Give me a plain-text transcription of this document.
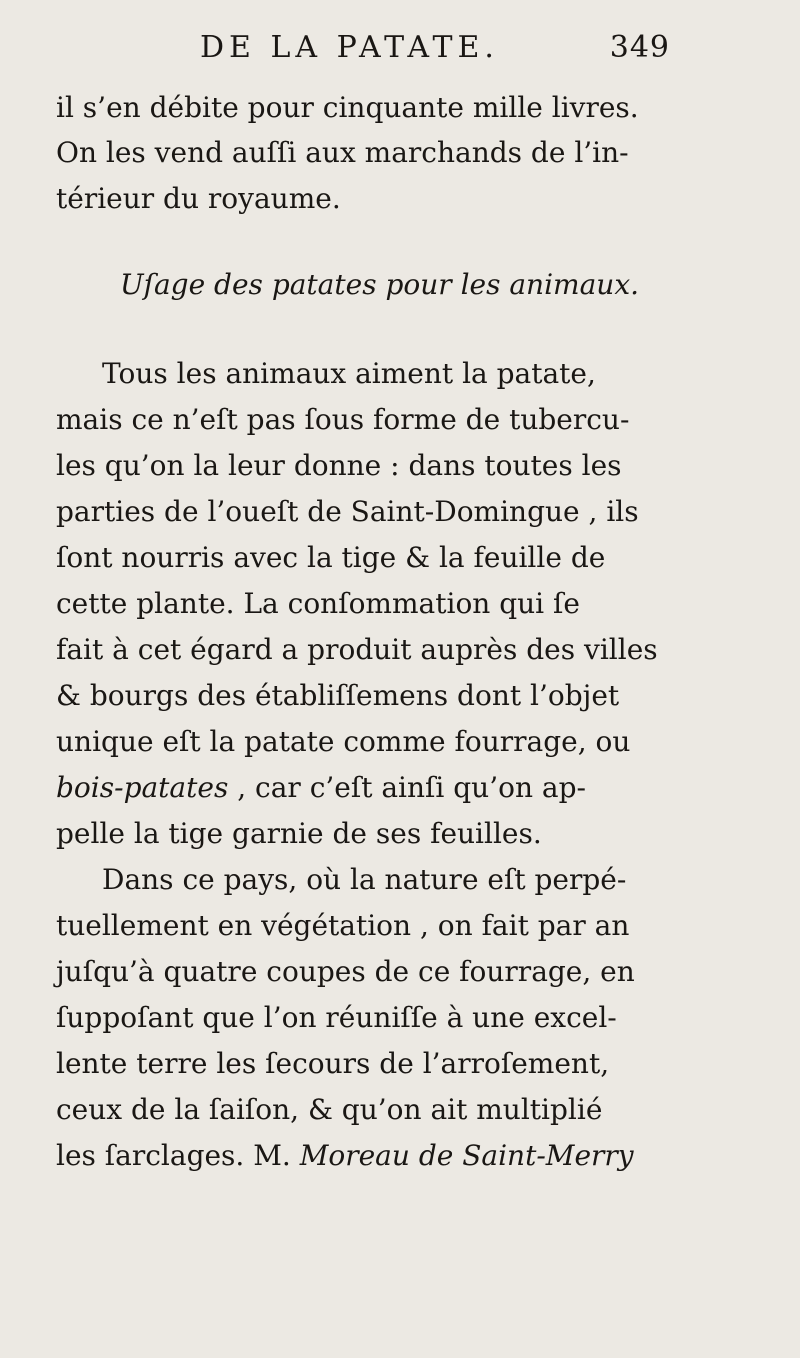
DE LA PATATE.	349
il s’en débite pour cinquante mille livres.
On les vend auſſi aux marchands de l’in-
térieur du royaume.
Uſage des patates pour les animaux.
Tous les animaux aiment la patate,
mais ce n’eſt pas ſous forme de tubercu-
les qu’on la leur donne : dans toutes les
parties de l’oueſt de Saint-Domingue , ils
ſont nourris avec la tige & la feuille de
cette plante. La conſommation qui ſe
fait à cet égard a produit auprès des villes
& bourgs des établiſſemens dont l’objet
unique eſt la patate comme fourrage, ou
bois-patates , car c’eſt ainſi qu’on ap-
pelle la tige garnie de ses feuilles.
Dans ce pays, où la nature eſt perpé-
tuellement en végétation , on fait par an
juſqu’à quatre coupes de ce fourrage, en
ſuppoſant que l’on réuniſſe à une excel-
lente terre les ſecours de l’arroſement,
ceux de la ſaiſon, & qu’on ait multiplié
les ſarclages. M. Moreau de Saint-Merry
